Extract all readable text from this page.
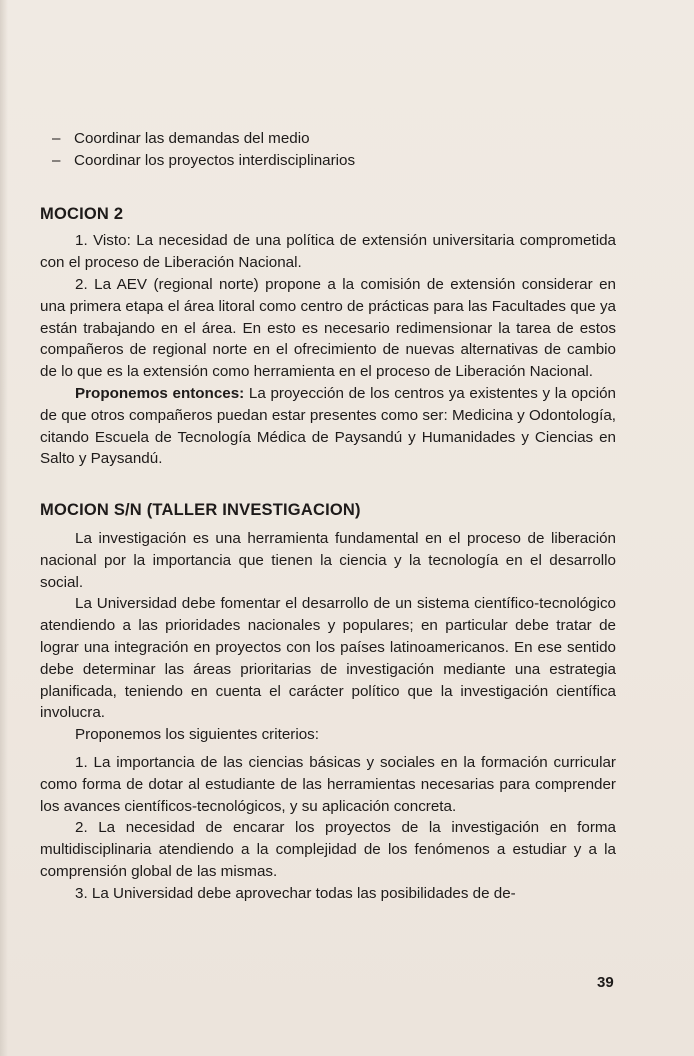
– Coordinar las demandas del medio
– Coordinar los proyectos interdisciplinarios
MOCION 2

1. Visto: La necesidad de una política de extensión universitaria comprometida con el proceso de Liberación Nacional.

2. La AEV (regional norte) propone a la comisión de extensión considerar en una primera etapa el área litoral como centro de prácticas para las Facultades que ya están trabajando en el área. En esto es necesario redimensionar la tarea de estos compañeros de regional norte en el ofrecimiento de nuevas alternativas de cambio de lo que es la extensión como herramienta en el proceso de Liberación Nacional.

Proponemos entonces: La proyección de los centros ya existentes y la opción de que otros compañeros puedan estar presentes como ser: Medicina y Odontología, citando Escuela de Tecnología Médica de Paysandú y Humanidades y Ciencias en Salto y Paysandú.

MOCION S/N (TALLER INVESTIGACION)

La investigación es una herramienta fundamental en el proceso de liberación nacional por la importancia que tienen la ciencia y la tecnología en el desarrollo social.

La Universidad debe fomentar el desarrollo de un sistema científico-tecnológico atendiendo a las prioridades nacionales y populares; en particular debe tratar de lograr una integración en proyectos con los países latinoamericanos. En ese sentido debe determinar las áreas prioritarias de investigación mediante una estrategia planificada, teniendo en cuenta el carácter político que la investigación científica involucra.

Proponemos los siguientes criterios:

1. La importancia de las ciencias básicas y sociales en la formación curricular como forma de dotar al estudiante de las herramientas necesarias para comprender los avances científicos-tecnológicos, y su aplicación concreta.

2. La necesidad de encarar los proyectos de la investigación en forma multidisciplinaria atendiendo a la complejidad de los fenómenos a estudiar y a la comprensión global de las mismas.

3. La Universidad debe aprovechar todas las posibilidades de de-

39
